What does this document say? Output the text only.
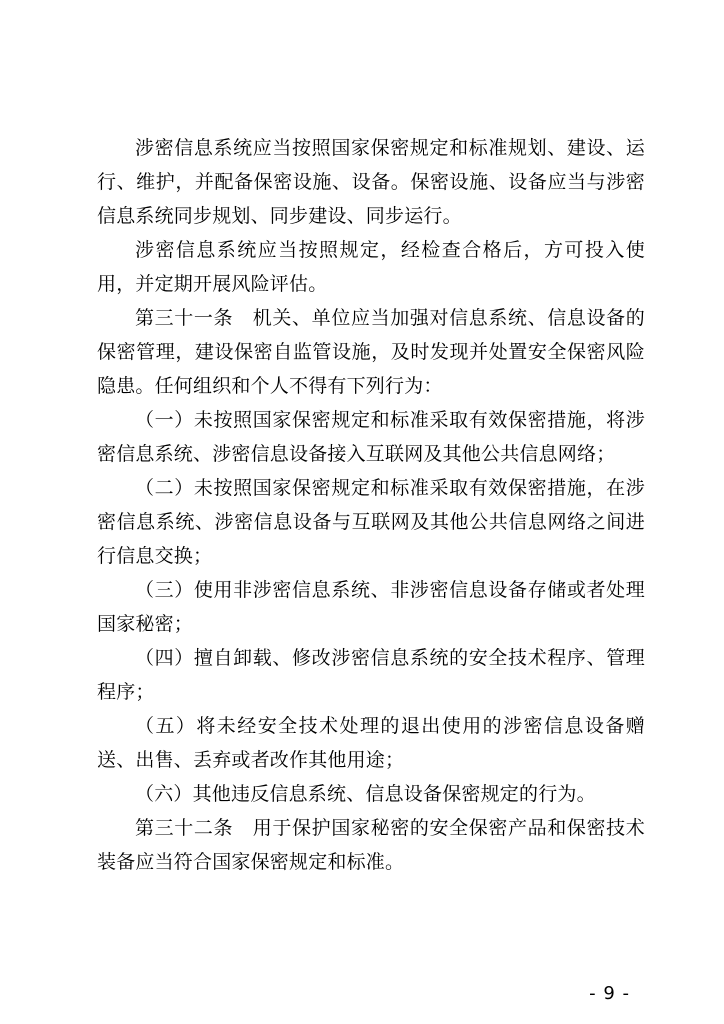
涉密信息系统应当按照国家保密规定和标准规划、建设、运行、维护，并配备保密设施、设备。保密设施、设备应当与涉密信息系统同步规划、同步建设、同步运行。

涉密信息系统应当按照规定，经检查合格后，方可投入使用，并定期开展风险评估。

第三十一条　机关、单位应当加强对信息系统、信息设备的保密管理，建设保密自监管设施，及时发现并处置安全保密风险隐患。任何组织和个人不得有下列行为：

（一）未按照国家保密规定和标准采取有效保密措施，将涉密信息系统、涉密信息设备接入互联网及其他公共信息网络；

（二）未按照国家保密规定和标准采取有效保密措施，在涉密信息系统、涉密信息设备与互联网及其他公共信息网络之间进行信息交换；

（三）使用非涉密信息系统、非涉密信息设备存储或者处理国家秘密；

（四）擅自卸载、修改涉密信息系统的安全技术程序、管理程序；

（五）将未经安全技术处理的退出使用的涉密信息设备赠送、出售、丢弃或者改作其他用途；

（六）其他违反信息系统、信息设备保密规定的行为。

第三十二条　用于保护国家秘密的安全保密产品和保密技术装备应当符合国家保密规定和标准。

- 9 -
